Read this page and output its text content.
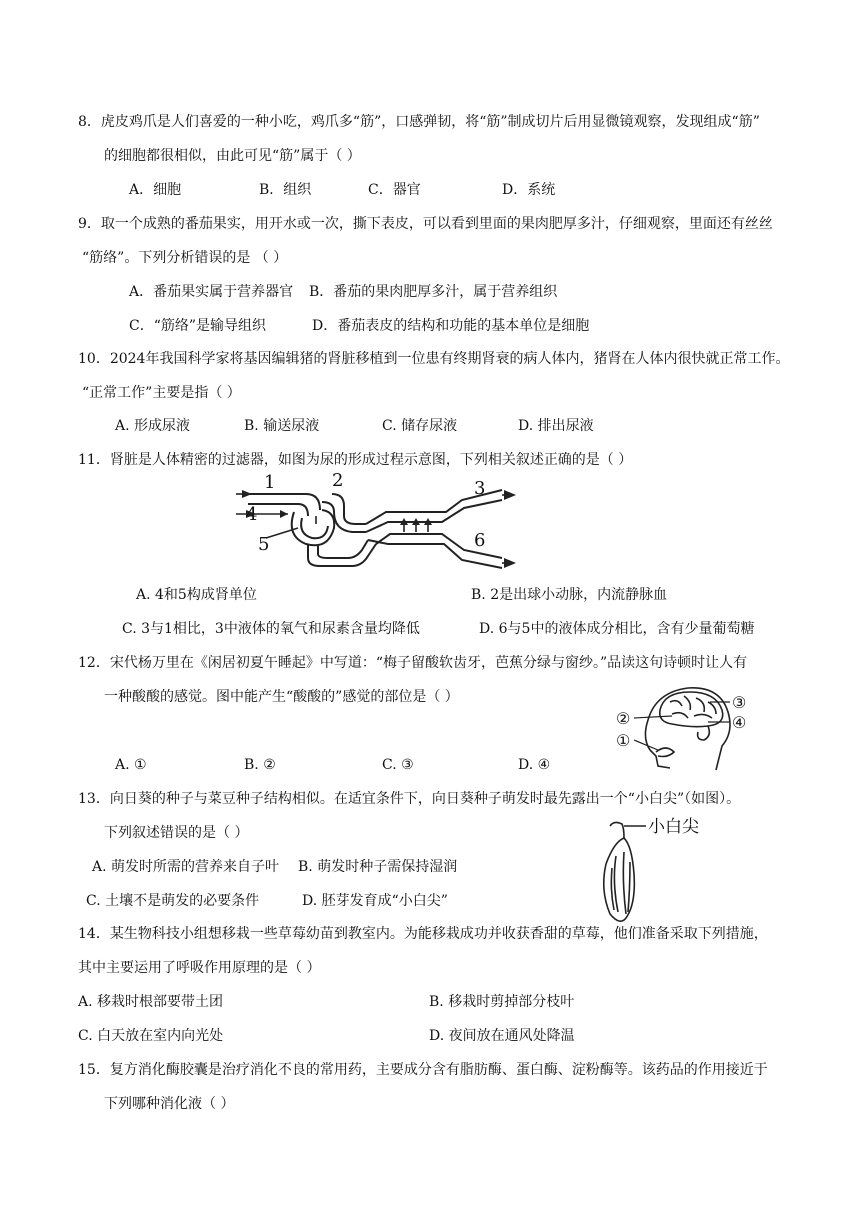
8．虎皮鸡爪是人们喜爱的一种小吃，鸡爪多“筋”，口感弹韧，将“筋”制成切片后用显微镜观察，发现组成“筋”
的细胞都很相似，由此可见“筋”属于（ ）
A．细胞	B．组织	C．器官	D．系统
9．取一个成熟的番茄果实，用开水或一次，撕下表皮，可以看到里面的果肉肥厚多汁，仔细观察，里面还有丝丝
“筋络”。下列分析错误的是 （ ）
A．番茄果实属于营养器官 B．番茄的果肉肥厚多汁，属于营养组织
C．“筋络”是输导组织	D．番茄表皮的结构和功能的基本单位是细胞
10．2024年我国科学家将基因编辑猪的肾脏移植到一位患有终期肾衰的病人体内，猪肾在人体内很快就正常工作。
“正常工作”主要是指（ ）
A. 形成尿液	B. 输送尿液	C. 储存尿液	D. 排出尿液
11．肾脏是人体精密的过滤器，如图为尿的形成过程示意图，下列相关叙述正确的是（ ）
1	2	3
4
5	6
A. 4和5构成肾单位	B. 2是出球小动脉，内流静脉血
C. 3与1相比，3中液体的氧气和尿素含量均降低	D. 6与5中的液体成分相比，含有少量葡萄糖
12．宋代杨万里在《闲居初夏午睡起》中写道：“梅子留酸软齿牙，芭蕉分绿与窗纱。”品读这句诗顿时让人有
一种酸酸的感觉。图中能产生“酸酸的”感觉的部位是（ ）
①
②
③
④
A. ①	B. ②	C. ③	D. ④
13．向日葵的种子与菜豆种子结构相似。在适宜条件下，向日葵种子萌发时最先露出一个“小白尖”（如图）。
下列叙述错误的是（ ）	小白尖
A. 萌发时所需的营养来自子叶 B. 萌发时种子需保持湿润
C. 土壤不是萌发的必要条件	D. 胚芽发育成“小白尖”
14．某生物科技小组想移栽一些草莓幼苗到教室内。为能移栽成功并收获香甜的草莓，他们准备采取下列措施，
其中主要运用了呼吸作用原理的是（ ）
A. 移栽时根部要带土团	B. 移栽时剪掉部分枝叶
C. 白天放在室内向光处	D. 夜间放在通风处降温
15．复方消化酶胶囊是治疗消化不良的常用药，主要成分含有脂肪酶、蛋白酶、淀粉酶等。该药品的作用接近于
下列哪种消化液（ ）
